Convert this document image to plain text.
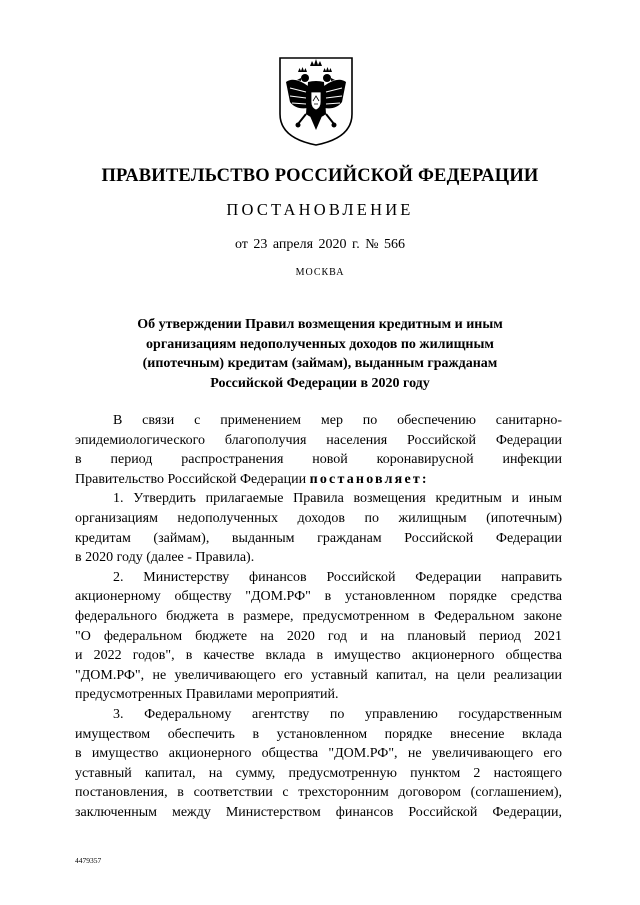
ПРАВИТЕЛЬСТВО РОССИЙСКОЙ ФЕДЕРАЦИИ
ПОСТАНОВЛЕНИЕ
от 23 апреля 2020 г. № 566
МОСКВА
Об утверждении Правил возмещения кредитным и иным
организациям недополученных доходов по жилищным
(ипотечным) кредитам (займам), выданным гражданам
Российской Федерации в 2020 году

В связи с применением мер по обеспечению санитарно-

эпидемиологического благополучия населения Российской Федерации

в период распространения новой коронавирусной инфекции

Правительство Российской Федерации постановляет:

1. Утвердить прилагаемые Правила возмещения кредитным и иным

организациям недополученных доходов по жилищным (ипотечным)

кредитам (займам), выданным гражданам Российской Федерации

в 2020 году (далее - Правила).

2. Министерству финансов Российской Федерации направить

акционерному обществу "ДОМ.РФ" в установленном порядке средства

федерального бюджета в размере, предусмотренном в Федеральном законе

"О федеральном бюджете на 2020 год и на плановый период 2021

и 2022 годов", в качестве вклада в имущество акционерного общества

"ДОМ.РФ", не увеличивающего его уставный капитал, на цели реализации

предусмотренных Правилами мероприятий.

3. Федеральному агентству по управлению государственным

имуществом обеспечить в установленном порядке внесение вклада

в имущество акционерного общества "ДОМ.РФ", не увеличивающего его

уставный капитал, на сумму, предусмотренную пунктом 2 настоящего

постановления, в соответствии с трехсторонним договором (соглашением),

заключенным между Министерством финансов Российской Федерации,

4479357
